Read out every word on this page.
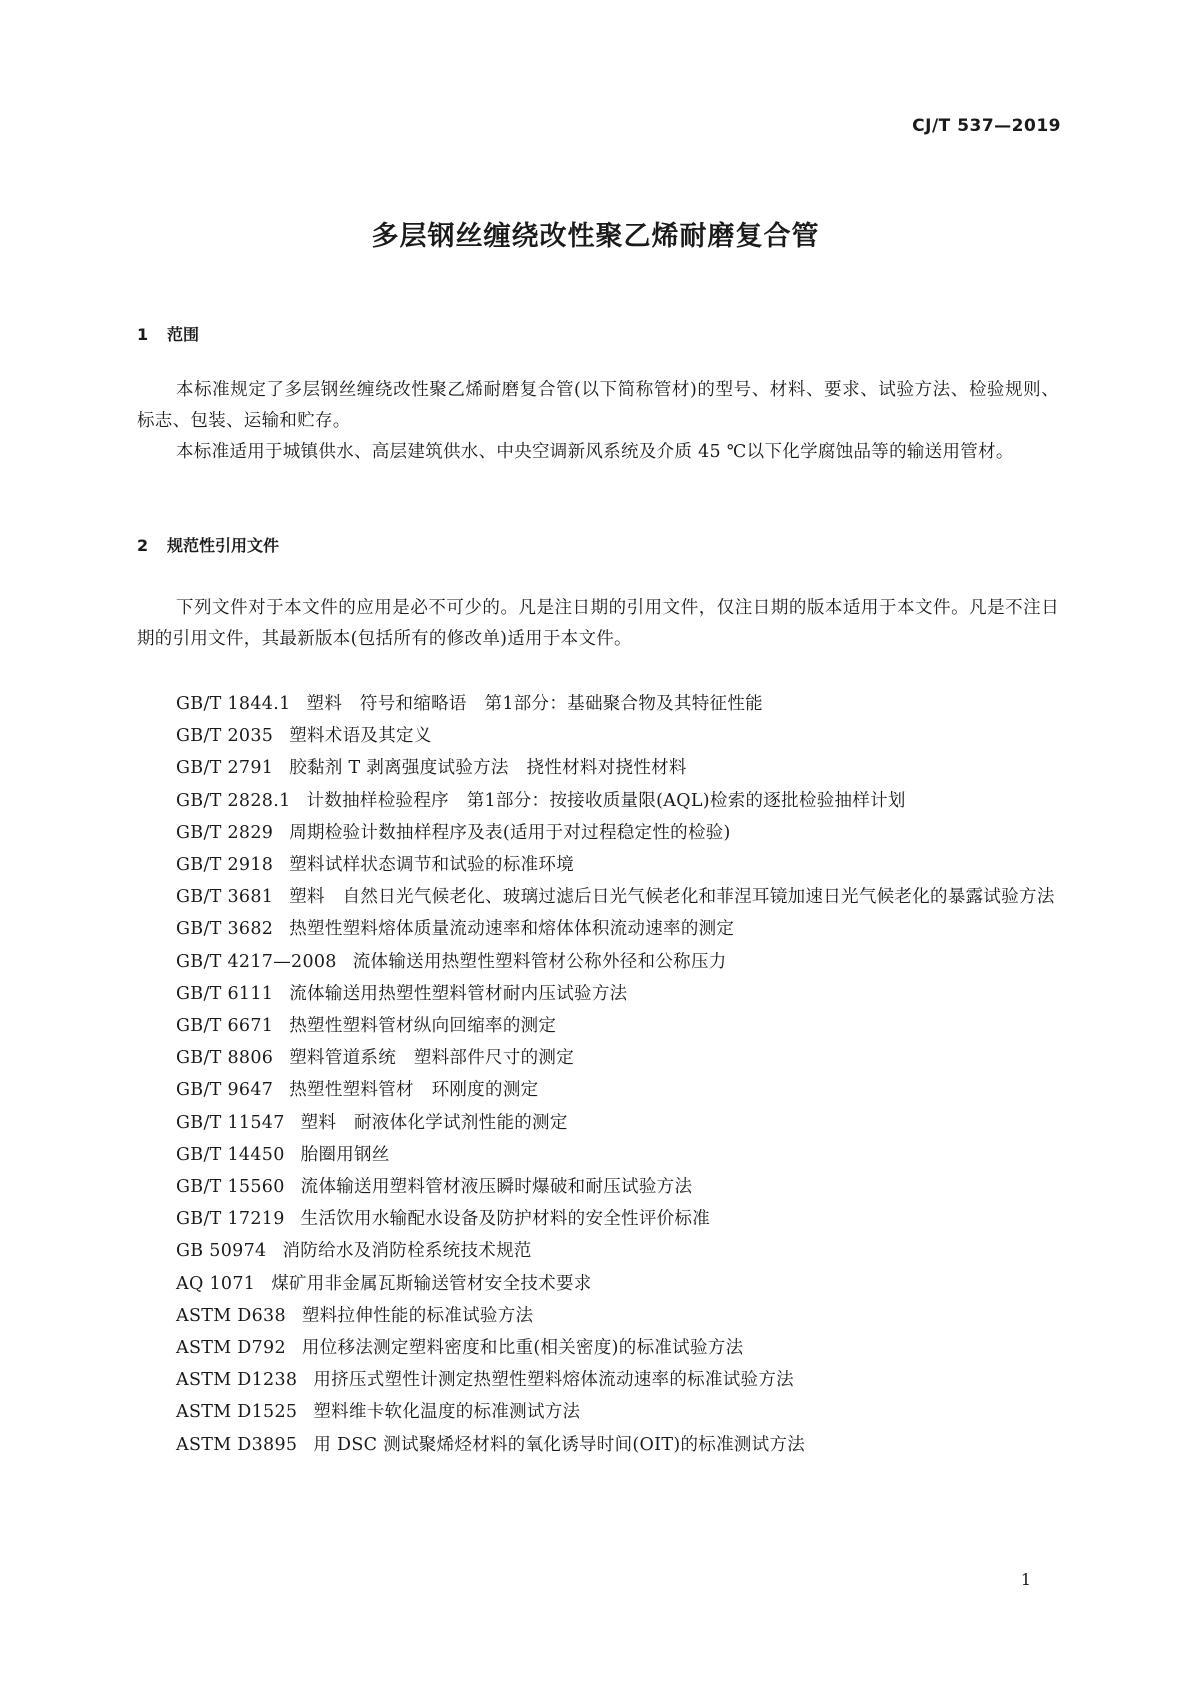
CJ/T 537—2019
多层钢丝缠绕改性聚乙烯耐磨复合管
1 范围

本标准规定了多层钢丝缠绕改性聚乙烯耐磨复合管(以下简称管材)的型号、材料、要求、试验方法、检验规则、标志、包装、运输和贮存。

本标准适用于城镇供水、高层建筑供水、中央空调新风系统及介质 45 ℃以下化学腐蚀品等的输送用管材。

2 规范性引用文件

下列文件对于本文件的应用是必不可少的。凡是注日期的引用文件，仅注日期的版本适用于本文件。凡是不注日期的引用文件，其最新版本(包括所有的修改单)适用于本文件。

GB/T 1844.1 塑料　符号和缩略语　第1部分：基础聚合物及其特征性能
GB/T 2035 塑料术语及其定义
GB/T 2791 胶黏剂 T 剥离强度试验方法　挠性材料对挠性材料
GB/T 2828.1 计数抽样检验程序　第1部分：按接收质量限(AQL)检索的逐批检验抽样计划
GB/T 2829 周期检验计数抽样程序及表(适用于对过程稳定性的检验)
GB/T 2918 塑料试样状态调节和试验的标准环境
GB/T 3681 塑料　自然日光气候老化、玻璃过滤后日光气候老化和菲涅耳镜加速日光气候老化的暴露试验方法
GB/T 3682 热塑性塑料熔体质量流动速率和熔体体积流动速率的测定
GB/T 4217—2008 流体输送用热塑性塑料管材公称外径和公称压力
GB/T 6111 流体输送用热塑性塑料管材耐内压试验方法
GB/T 6671 热塑性塑料管材纵向回缩率的测定
GB/T 8806 塑料管道系统　塑料部件尺寸的测定
GB/T 9647 热塑性塑料管材　环刚度的测定
GB/T 11547 塑料　耐液体化学试剂性能的测定
GB/T 14450 胎圈用钢丝
GB/T 15560 流体输送用塑料管材液压瞬时爆破和耐压试验方法
GB/T 17219 生活饮用水输配水设备及防护材料的安全性评价标准
GB 50974 消防给水及消防栓系统技术规范
AQ 1071 煤矿用非金属瓦斯输送管材安全技术要求
ASTM D638 塑料拉伸性能的标准试验方法
ASTM D792 用位移法测定塑料密度和比重(相关密度)的标准试验方法
ASTM D1238 用挤压式塑性计测定热塑性塑料熔体流动速率的标准试验方法
ASTM D1525 塑料维卡软化温度的标准测试方法
ASTM D3895 用 DSC 测试聚烯烃材料的氧化诱导时间(OIT)的标准测试方法
1
